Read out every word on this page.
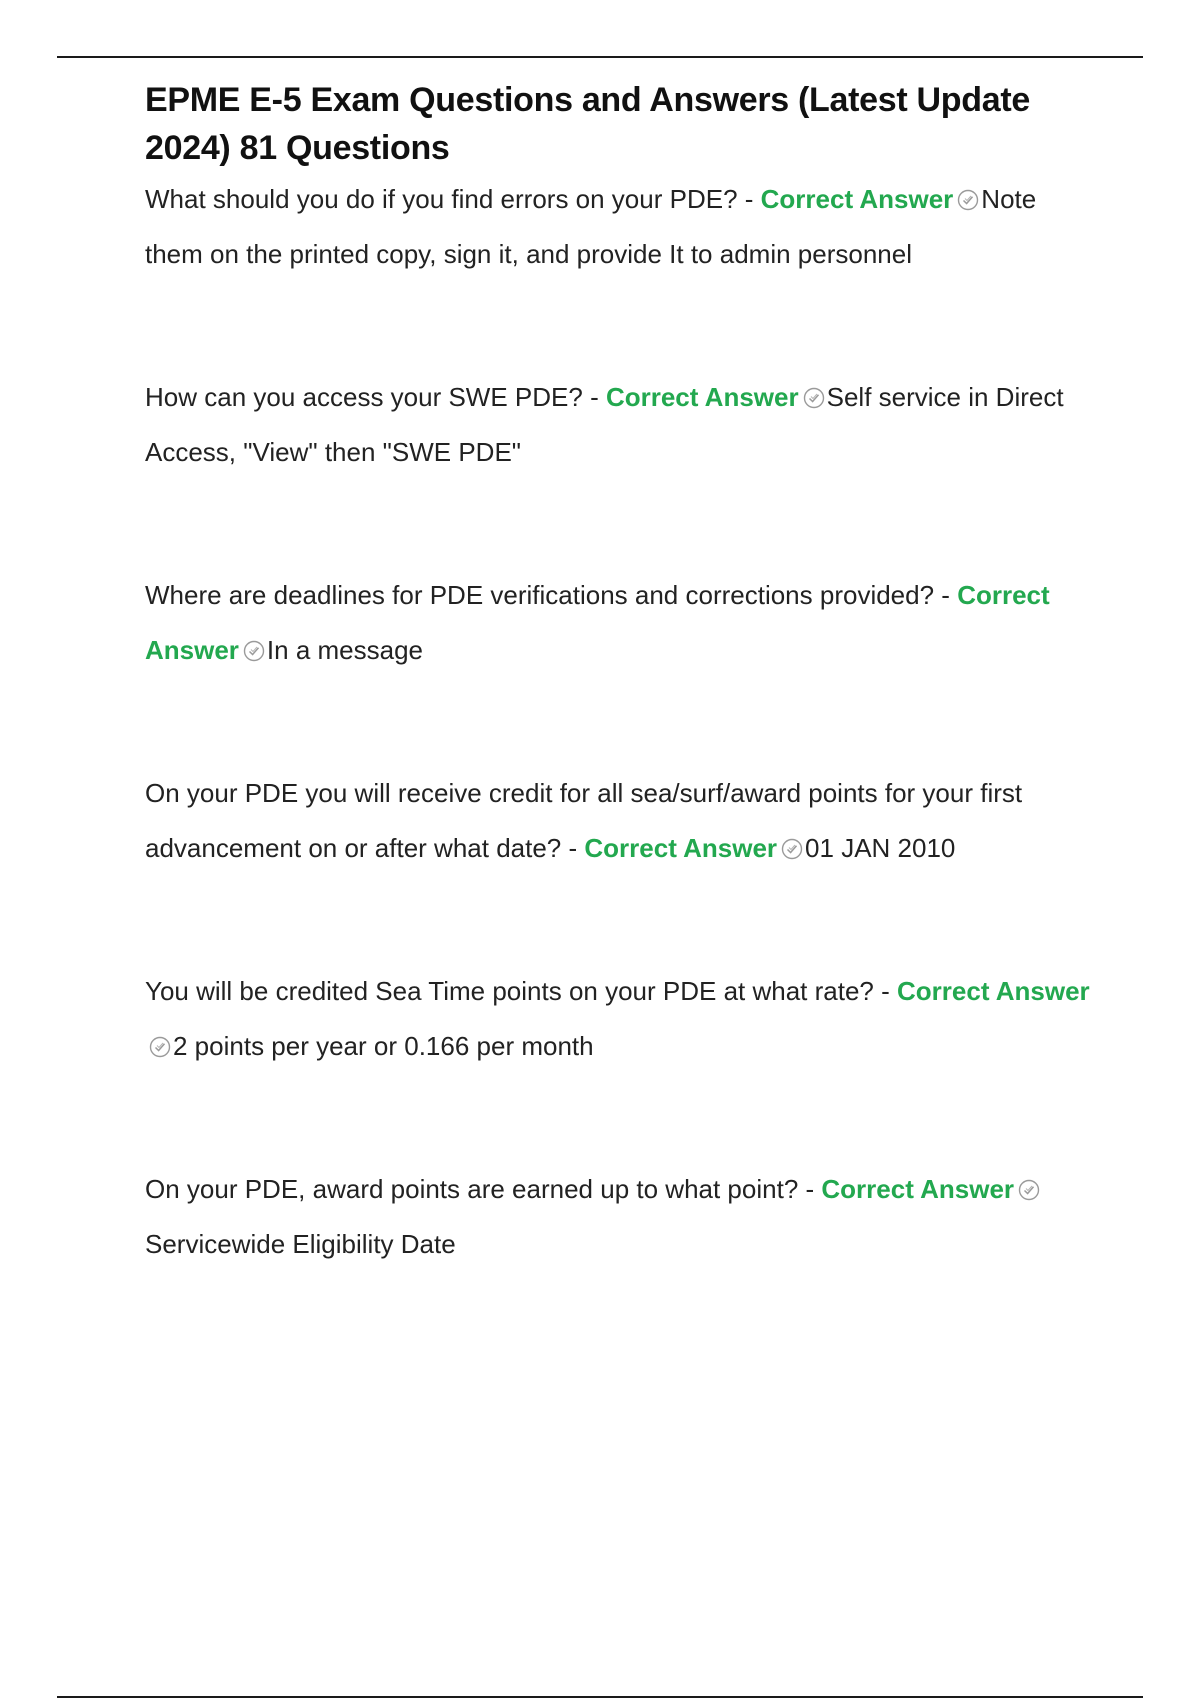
EPME E-5 Exam Questions and Answers (Latest Update 2024) 81 Questions

What should you do if you find errors on your PDE? - Correct Answer Note them on the printed copy, sign it, and provide It to admin personnel

How can you access your SWE PDE? - Correct Answer Self service in Direct Access, "View" then "SWE PDE"

Where are deadlines for PDE verifications and corrections provided? - Correct Answer In a message

On your PDE you will receive credit for all sea/surf/award points for your first advancement on or after what date? - Correct Answer 01 JAN 2010

You will be credited Sea Time points on your PDE at what rate? - Correct Answer
2 points per year or 0.166 per month

On your PDE, award points are earned up to what point? - Correct Answer
Servicewide Eligibility Date
